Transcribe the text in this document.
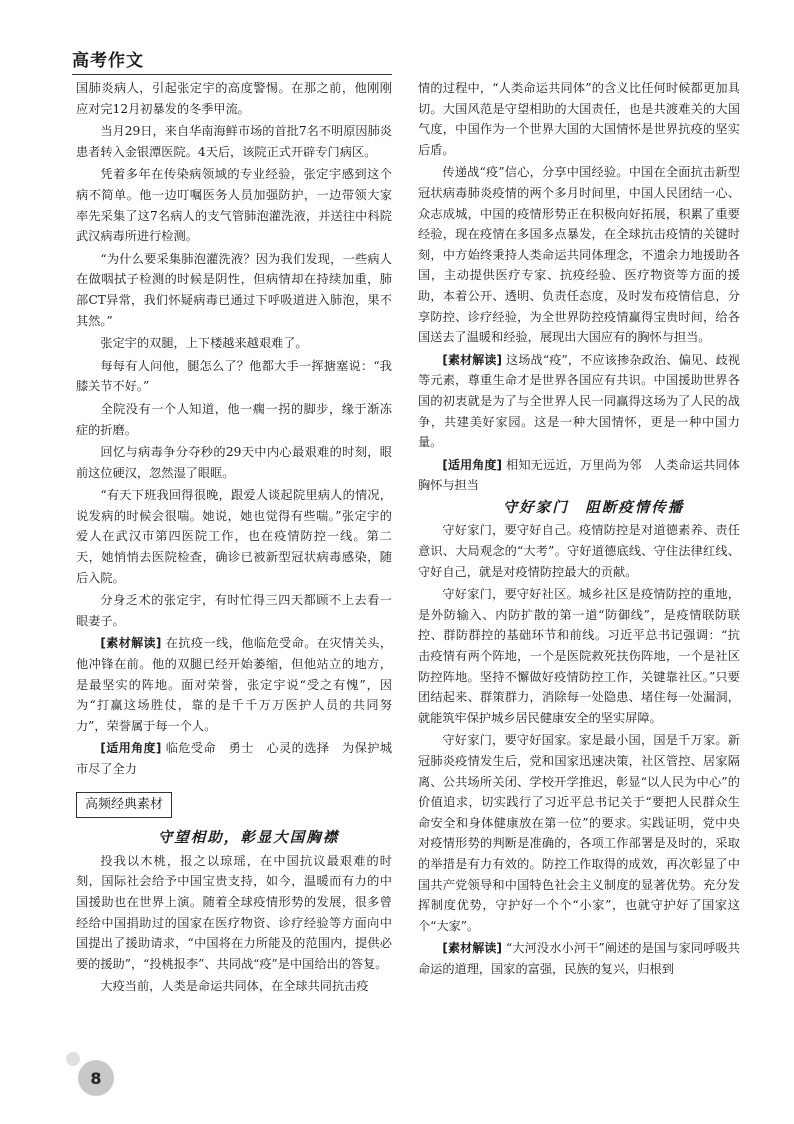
高考作文

国肺炎病人，引起张定宇的高度警惕。在那之前，他刚刚应对完12月初暴发的冬季甲流。

当月29日，来自华南海鲜市场的首批7名不明原因肺炎患者转入金银潭医院。4天后，该院正式开辟专门病区。

凭着多年在传染病领域的专业经验，张定宇感到这个病不简单。他一边叮嘱医务人员加强防护，一边带领大家率先采集了这7名病人的支气管肺泡灌洗液，并送往中科院武汉病毒所进行检测。

“为什么要采集肺泡灌洗液？因为我们发现，一些病人在做咽拭子检测的时候是阴性，但病情却在持续加重，肺部CT异常，我们怀疑病毒已通过下呼吸道进入肺泡，果不其然。”

张定宇的双腿，上下楼越来越艰难了。

每每有人问他，腿怎么了？他都大手一挥搪塞说：“我膝关节不好。”

全院没有一个人知道，他一瘸一拐的脚步，缘于渐冻症的折磨。

回忆与病毒争分夺秒的29天中内心最艰难的时刻，眼前这位硬汉，忽然湿了眼眶。

“有天下班我回得很晚，跟爱人谈起院里病人的情况，说发病的时候会很喘。她说，她也觉得有些喘。”张定宇的爱人在武汉市第四医院工作，也在疫情防控一线。第二天，她悄悄去医院检查，确诊已被新型冠状病毒感染，随后入院。

分身乏术的张定宇，有时忙得三四天都顾不上去看一眼妻子。

[素材解读] 在抗疫一线，他临危受命。在灾情关头，他冲锋在前。他的双腿已经开始萎缩，但他站立的地方，是最坚实的阵地。面对荣誉，张定宇说“受之有愧”，因为“打赢这场胜仗，靠的是千千万万医护人员的共同努力”，荣誉属于每一个人。

[适用角度] 临危受命　勇士　心灵的选择　为保护城市尽了全力

高频经典素材

守望相助，彰显大国胸襟

投我以木桃，报之以琼瑶，在中国抗议最艰难的时刻，国际社会给予中国宝贵支持，如今，温暖而有力的中国援助也在世界上演。随着全球疫情形势的发展，很多曾经给中国捐助过的国家在医疗物资、诊疗经验等方面向中国提出了援助请求，“中国将在力所能及的范围内，提供必要的援助”，“投桃报李”、共同战“疫”是中国给出的答复。

大疫当前，人类是命运共同体，在全球共同抗击疫

情的过程中，“人类命运共同体”的含义比任何时候都更加具切。大国风范是守望相助的大国责任，也是共渡难关的大国气度，中国作为一个世界大国的大国情怀是世界抗疫的坚实后盾。

传递战“疫”信心，分享中国经验。中国在全面抗击新型冠状病毒肺炎疫情的两个多月时间里，中国人民团结一心、众志成城，中国的疫情形势正在积极向好拓展，积累了重要经验，现在疫情在多国多点暴发，在全球抗击疫情的关键时刻，中方始终秉持人类命运共同体理念，不遗余力地援助各国，主动提供医疗专家、抗疫经验、医疗物资等方面的援助，本着公开、透明、负责任态度，及时发布疫情信息，分享防控、诊疗经验，为全世界防控疫情赢得宝贵时间，给各国送去了温暖和经验，展现出大国应有的胸怀与担当。

[素材解读] 这场战“疫”，不应该掺杂政治、偏见、歧视等元素，尊重生命才是世界各国应有共识。中国援助世界各国的初衷就是为了与全世界人民一同赢得这场为了人民的战争，共建美好家园。这是一种大国情怀，更是一种中国力量。

[适用角度] 相知无远近，万里尚为邻　人类命运共同体　胸怀与担当

守好家门　阻断疫情传播

守好家门，要守好自己。疫情防控是对道德素养、责任意识、大局观念的“大考”。守好道德底线、守住法律红线、守好自己，就是对疫情防控最大的贡献。

守好家门，要守好社区。城乡社区是疫情防控的重地，是外防输入、内防扩散的第一道“防御线”，是疫情联防联控、群防群控的基础环节和前线。习近平总书记强调：“抗击疫情有两个阵地，一个是医院救死扶伤阵地，一个是社区防控阵地。坚持不懈做好疫情防控工作，关键靠社区。”只要团结起来、群策群力，消除每一处隐患、堵住每一处漏洞，就能筑牢保护城乡居民健康安全的坚实屏障。

守好家门，要守好国家。家是最小国，国是千万家。新冠肺炎疫情发生后，党和国家迅速决策，社区管控、居家隔离、公共场所关闭、学校开学推迟，彰显“以人民为中心”的价值追求，切实践行了习近平总书记关于“要把人民群众生命安全和身体健康放在第一位”的要求。实践证明，党中央对疫情形势的判断是准确的，各项工作部署是及时的，采取的举措是有力有效的。防控工作取得的成效，再次彰显了中国共产党领导和中国特色社会主义制度的显著优势。充分发挥制度优势，守护好一个个“小家”，也就守护好了国家这个“大家”。

[素材解读] “大河没水小河干”阐述的是国与家同呼吸共命运的道理，国家的富强，民族的复兴，归根到

8
